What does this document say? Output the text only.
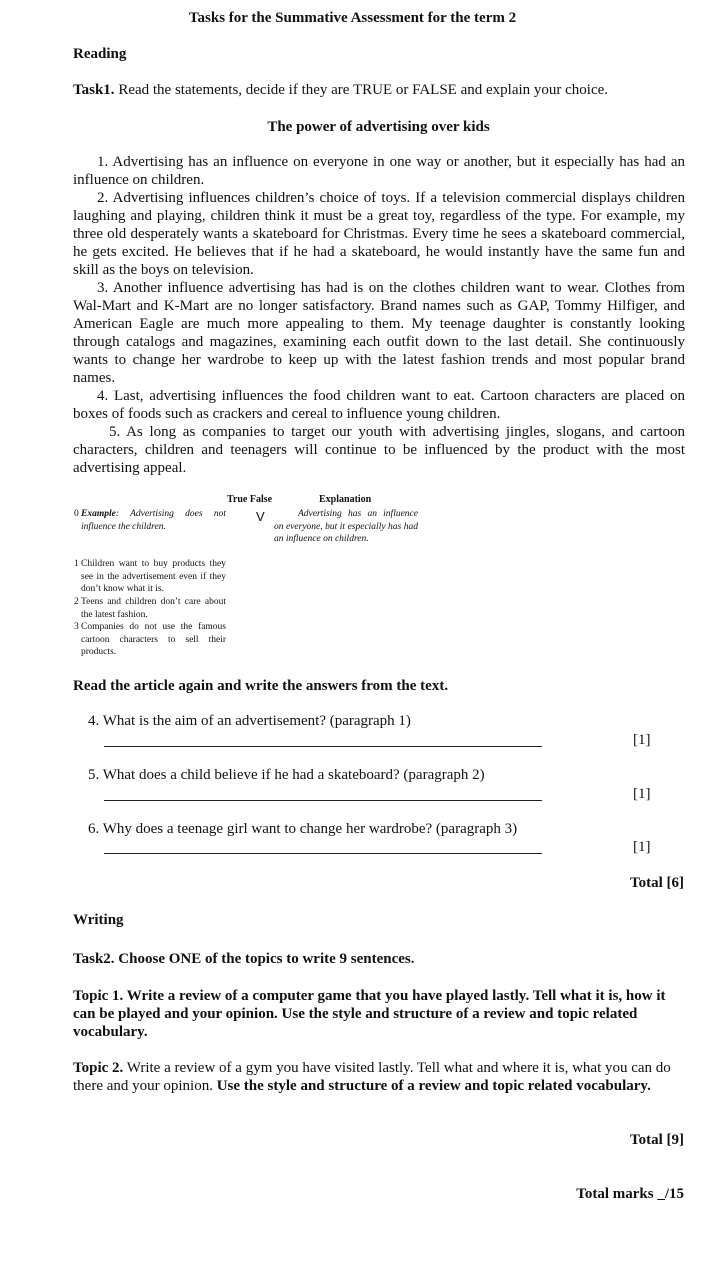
Tasks for the Summative Assessment for the term 2
Reading
Task1. Read the statements, decide if they are TRUE or FALSE and explain your choice.
The power of advertising over kids

1. Advertising has an influence on everyone in one way or another, but it especially has had an influence on children.

2. Advertising influences children’s choice of toys. If a television commercial displays children laughing and playing, children think it must be a great toy, regardless of the type. For example, my three old desperately wants a skateboard for Christmas. Every time he sees a skateboard commercial, he gets excited. He believes that if he had a skateboard, he would instantly have the same fun and skill as the boys on television.

3. Another influence advertising has had is on the clothes children want to wear. Clothes from Wal-Mart and K-Mart are no longer satisfactory. Brand names such as GAP, Tommy Hilfiger, and American Eagle are much more appealing to them. My teenage daughter is constantly looking through catalogs and magazines, examining each outfit down to the last detail. She continuously wants to change her wardrobe to keep up with the latest fashion trends and most popular brand names.

4. Last, advertising influences the food children want to eat. Cartoon characters are placed on boxes of foods such as crackers and cereal to influence young children.

5. As long as companies to target our youth with advertising jingles, slogans, and cartoon characters, children and teenagers will continue to be influenced by the product with the most advertising appeal.

True False	Explanation
0 Example: Advertising does not influence the children.
V	Advertising has an influence on everyone, but it especially has had an influence on children.
1 Children want to buy products they see in the advertisement even if they don’t know what it is.
2 Teens and children don’t care about the latest fashion.
3 Companies do not use the famous cartoon characters to sell their products.
Read the article again and write the answers from the text.
4. What is the aim of an advertisement? (paragraph 1)
[1]
5. What does a child believe if he had a skateboard? (paragraph 2)
[1]
6. Why does a teenage girl want to change her wardrobe? (paragraph 3)
[1]
Total [6]
Writing
Task2. Choose ONE of the topics to write 9 sentences.

Topic 1. Write a review of a computer game that you have played lastly. Tell what it is, how it can be played and your opinion. Use the style and structure of a review and topic related vocabulary.

Topic 2. Write a review of a gym you have visited lastly. Tell what and where it is, what you can do there and your opinion. Use the style and structure of a review and topic related vocabulary.

Total [9]
Total marks _/15
